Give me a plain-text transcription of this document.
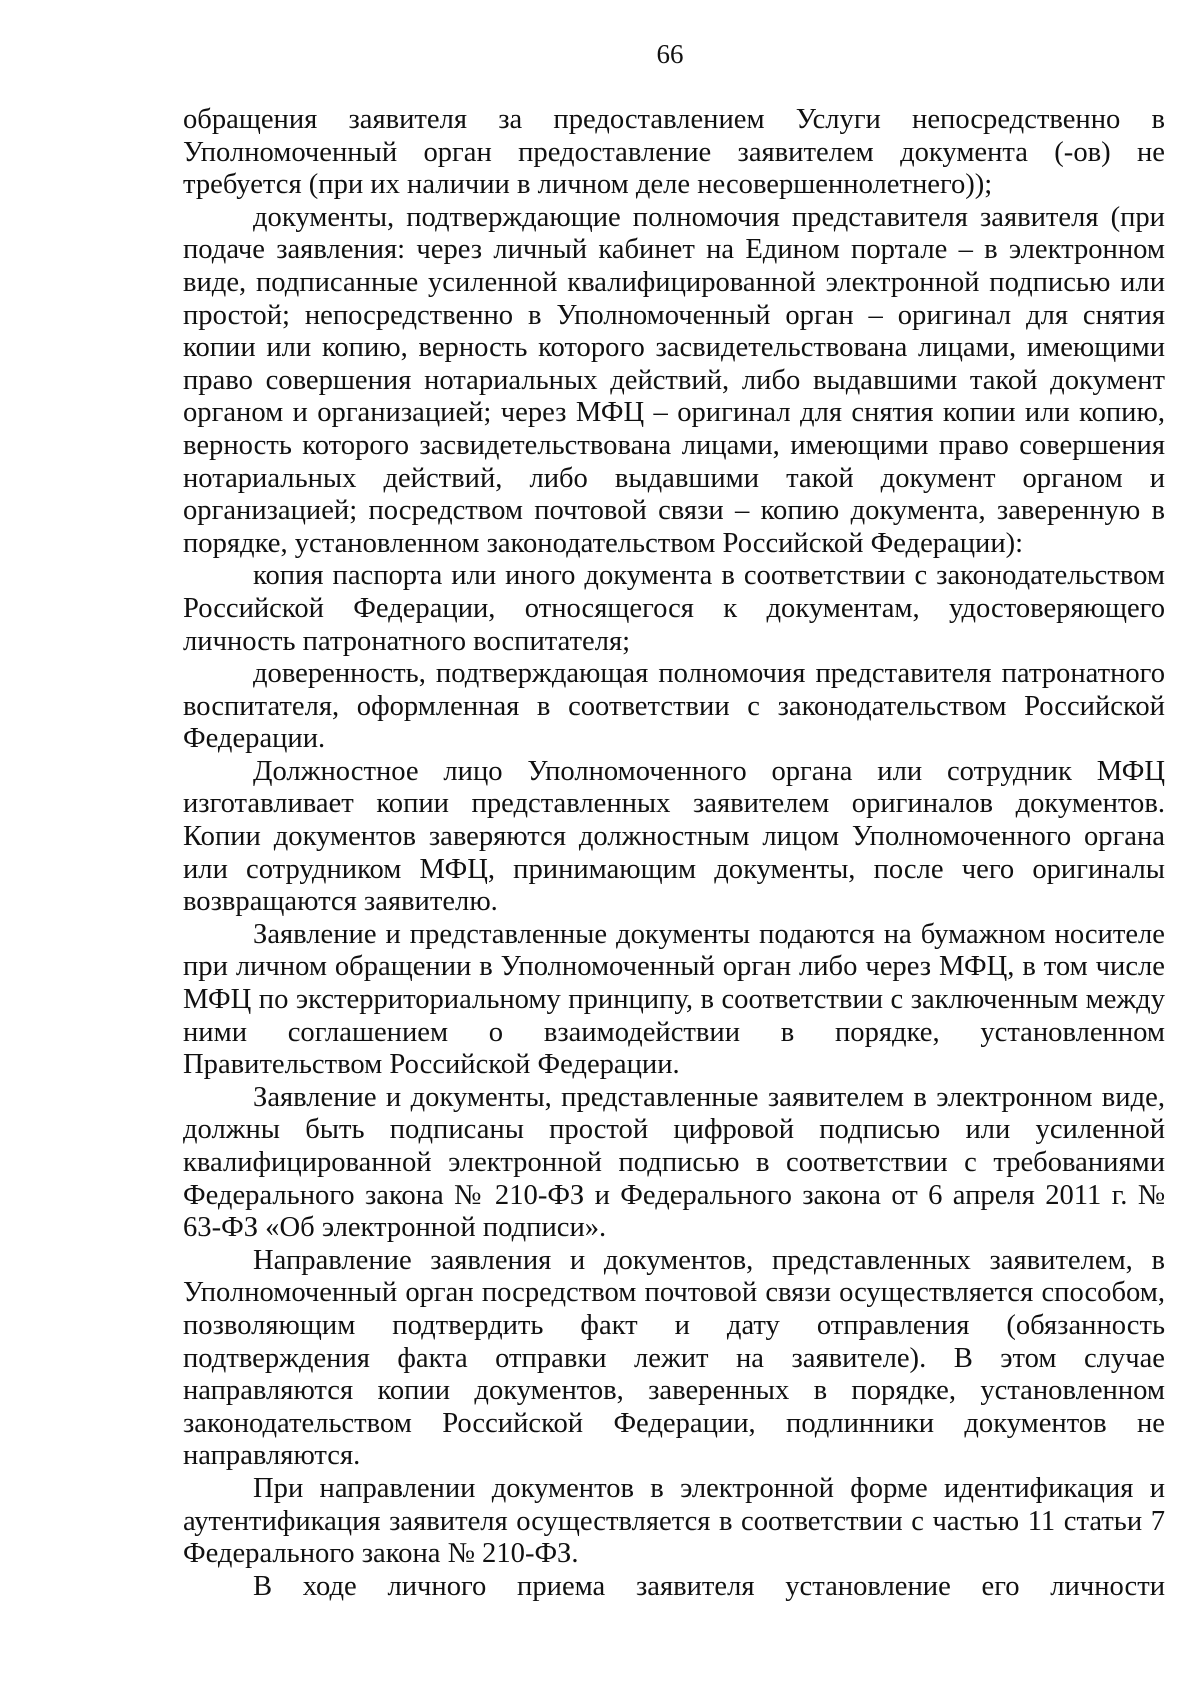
66

обращения заявителя за предоставлением Услуги непосредственно в Уполномоченный орган предоставление заявителем документа (-ов) не требуется (при их наличии в личном деле несовершеннолетнего));

документы, подтверждающие полномочия представителя заявителя (при подаче заявления: через личный кабинет на Едином портале – в электронном виде, подписанные усиленной квалифицированной электронной подписью или простой; непосредственно в Уполномоченный орган – оригинал для снятия копии или копию, верность которого засвидетельствована лицами, имеющими право совершения нотариальных действий, либо выдавшими такой документ органом и организацией; через МФЦ – оригинал для снятия копии или копию, верность которого засвидетельствована лицами, имеющими право совершения нотариальных действий, либо выдавшими такой документ органом и организацией; посредством почтовой связи – копию документа, заверенную в порядке, установленном законодательством Российской Федерации):

копия паспорта или иного документа в соответствии с законодательством Российской Федерации, относящегося к документам, удостоверяющего личность патронатного воспитателя;

доверенность, подтверждающая полномочия представителя патронатного воспитателя, оформленная в соответствии с законодательством Российской Федерации.

Должностное лицо Уполномоченного органа или сотрудник МФЦ изготавливает копии представленных заявителем оригиналов документов. Копии документов заверяются должностным лицом Уполномоченного органа или сотрудником МФЦ, принимающим документы, после чего оригиналы возвращаются заявителю.

Заявление и представленные документы подаются на бумажном носителе при личном обращении в Уполномоченный орган либо через МФЦ, в том числе МФЦ по экстерриториальному принципу, в соответствии с заключенным между ними соглашением о взаимодействии в порядке, установленном Правительством Российской Федерации.

Заявление и документы, представленные заявителем в электронном виде, должны быть подписаны простой цифровой подписью или усиленной квалифицированной электронной подписью в соответствии с требованиями Федерального закона № 210-ФЗ и Федерального закона от 6 апреля 2011 г. № 63-ФЗ «Об электронной подписи».

Направление заявления и документов, представленных заявителем, в Уполномоченный орган посредством почтовой связи осуществляется способом, позволяющим подтвердить факт и дату отправления (обязанность подтверждения факта отправки лежит на заявителе). В этом случае направляются копии документов, заверенных в порядке, установленном законодательством Российской Федерации, подлинники документов не направляются.

При направлении документов в электронной форме идентификация и аутентификация заявителя осуществляется в соответствии с частью 11 статьи 7 Федерального закона № 210-ФЗ.

В ходе личного приема заявителя установление его личности
